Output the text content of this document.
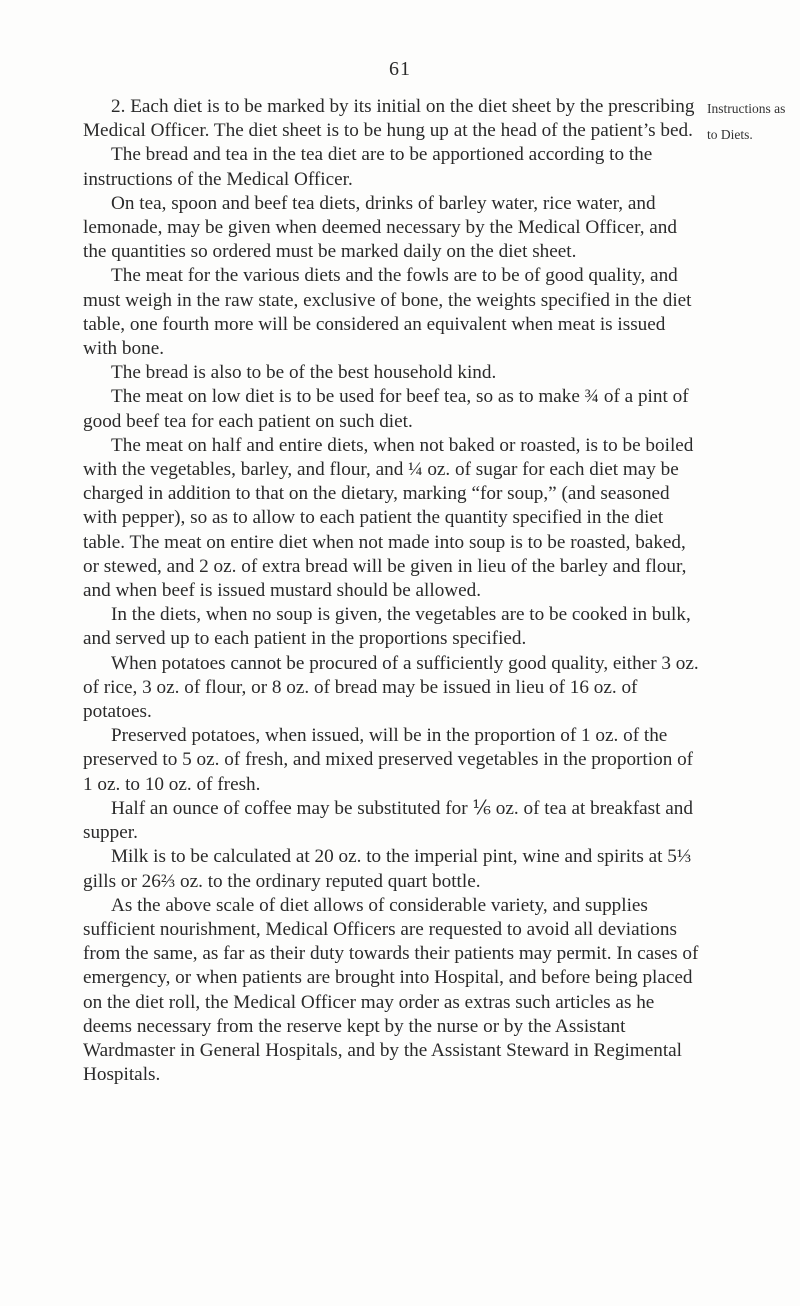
61
Instructions as
to Diets.

2. Each diet is to be marked by its initial on the diet sheet by the prescribing Medical Officer. The diet sheet is to be hung up at the head of the patient’s bed.

The bread and tea in the tea diet are to be apportioned according to the instructions of the Medical Officer.

On tea, spoon and beef tea diets, drinks of barley water, rice water, and lemonade, may be given when deemed necessary by the Medical Officer, and the quantities so ordered must be marked daily on the diet sheet.

The meat for the various diets and the fowls are to be of good quality, and must weigh in the raw state, exclusive of bone, the weights specified in the diet table, one fourth more will be considered an equivalent when meat is issued with bone.

The bread is also to be of the best household kind.

The meat on low diet is to be used for beef tea, so as to make ¾ of a pint of good beef tea for each patient on such diet.

The meat on half and entire diets, when not baked or roasted, is to be boiled with the vegetables, barley, and flour, and ¼ oz. of sugar for each diet may be charged in addition to that on the dietary, marking “for soup,” (and seasoned with pepper), so as to allow to each patient the quantity specified in the diet table. The meat on entire diet when not made into soup is to be roasted, baked, or stewed, and 2 oz. of extra bread will be given in lieu of the barley and flour, and when beef is issued mustard should be allowed.

In the diets, when no soup is given, the vegetables are to be cooked in bulk, and served up to each patient in the proportions specified.

When potatoes cannot be procured of a sufficiently good quality, either 3 oz. of rice, 3 oz. of flour, or 8 oz. of bread may be issued in lieu of 16 oz. of potatoes.

Preserved potatoes, when issued, will be in the proportion of 1 oz. of the preserved to 5 oz. of fresh, and mixed preserved vegetables in the proportion of 1 oz. to 10 oz. of fresh.

Half an ounce of coffee may be substituted for ⅙ oz. of tea at breakfast and supper.

Milk is to be calculated at 20 oz. to the imperial pint, wine and spirits at 5⅓ gills or 26⅔ oz. to the ordinary reputed quart bottle.

As the above scale of diet allows of considerable variety, and supplies sufficient nourishment, Medical Officers are requested to avoid all deviations from the same, as far as their duty towards their patients may permit. In cases of emergency, or when patients are brought into Hospital, and before being placed on the diet roll, the Medical Officer may order as extras such articles as he deems necessary from the reserve kept by the nurse or by the Assistant Wardmaster in General Hospitals, and by the Assistant Steward in Regimental Hospitals.
